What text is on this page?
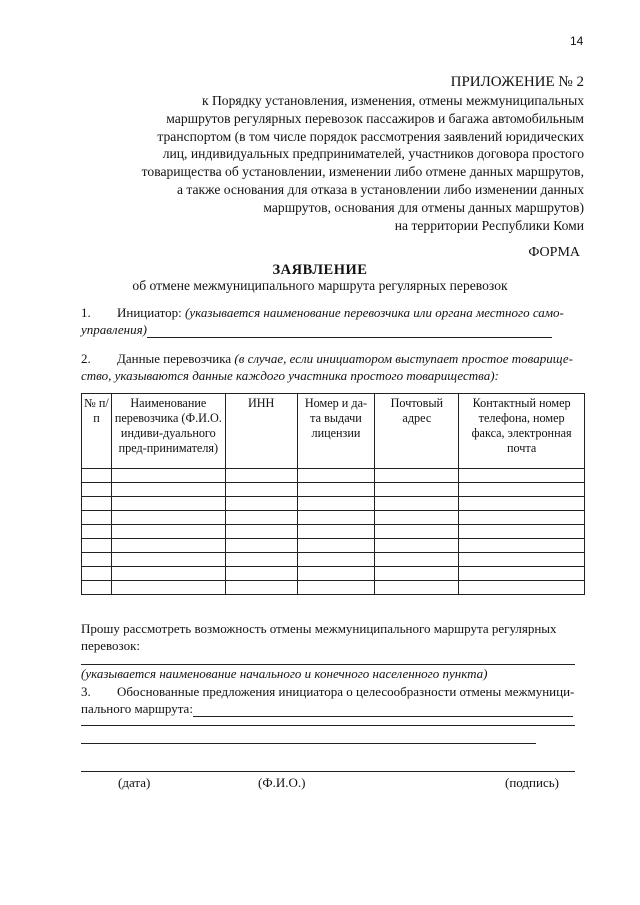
14
ПРИЛОЖЕНИЕ № 2
к Порядку установления, изменения, отмены межмуниципальных
маршрутов регулярных перевозок пассажиров и багажа автомобильным
транспортом (в том числе порядок рассмотрения заявлений юридических
лиц, индивидуальных предпринимателей, участников договора простого
товарищества об установлении, изменении либо отмене данных маршрутов,
а также основания для отказа в установлении либо изменении данных
маршрутов, основания для отмены данных маршрутов)
на территории Республики Коми
ФОРМА
ЗАЯВЛЕНИЕ
об отмене межмуниципального маршрута регулярных перевозок
1. Инициатор: (указывается наименование перевозчика или органа местного само-
управления)
2. Данные перевозчика (в случае, если инициатором выступает простое товарище-
ство, указываются данные каждого участника простого товарищества):
№ п/п	Наименование перевозчика (Ф.И.О. индиви-дуального пред-принимателя)	ИНН	Номер и да-та выдачи лицензии	Почтовый адрес	Контактный номер телефона, номер факса, электронная почта

Прошу рассмотреть возможность отмены межмуниципального маршрута регулярных
перевозок:
(указывается наименование начального и конечного населенного пункта)
3. Обоснованные предложения инициатора о целесообразности отмены межмуници-
пального маршрута:
(дата)	(Ф.И.О.)	(подпись)
